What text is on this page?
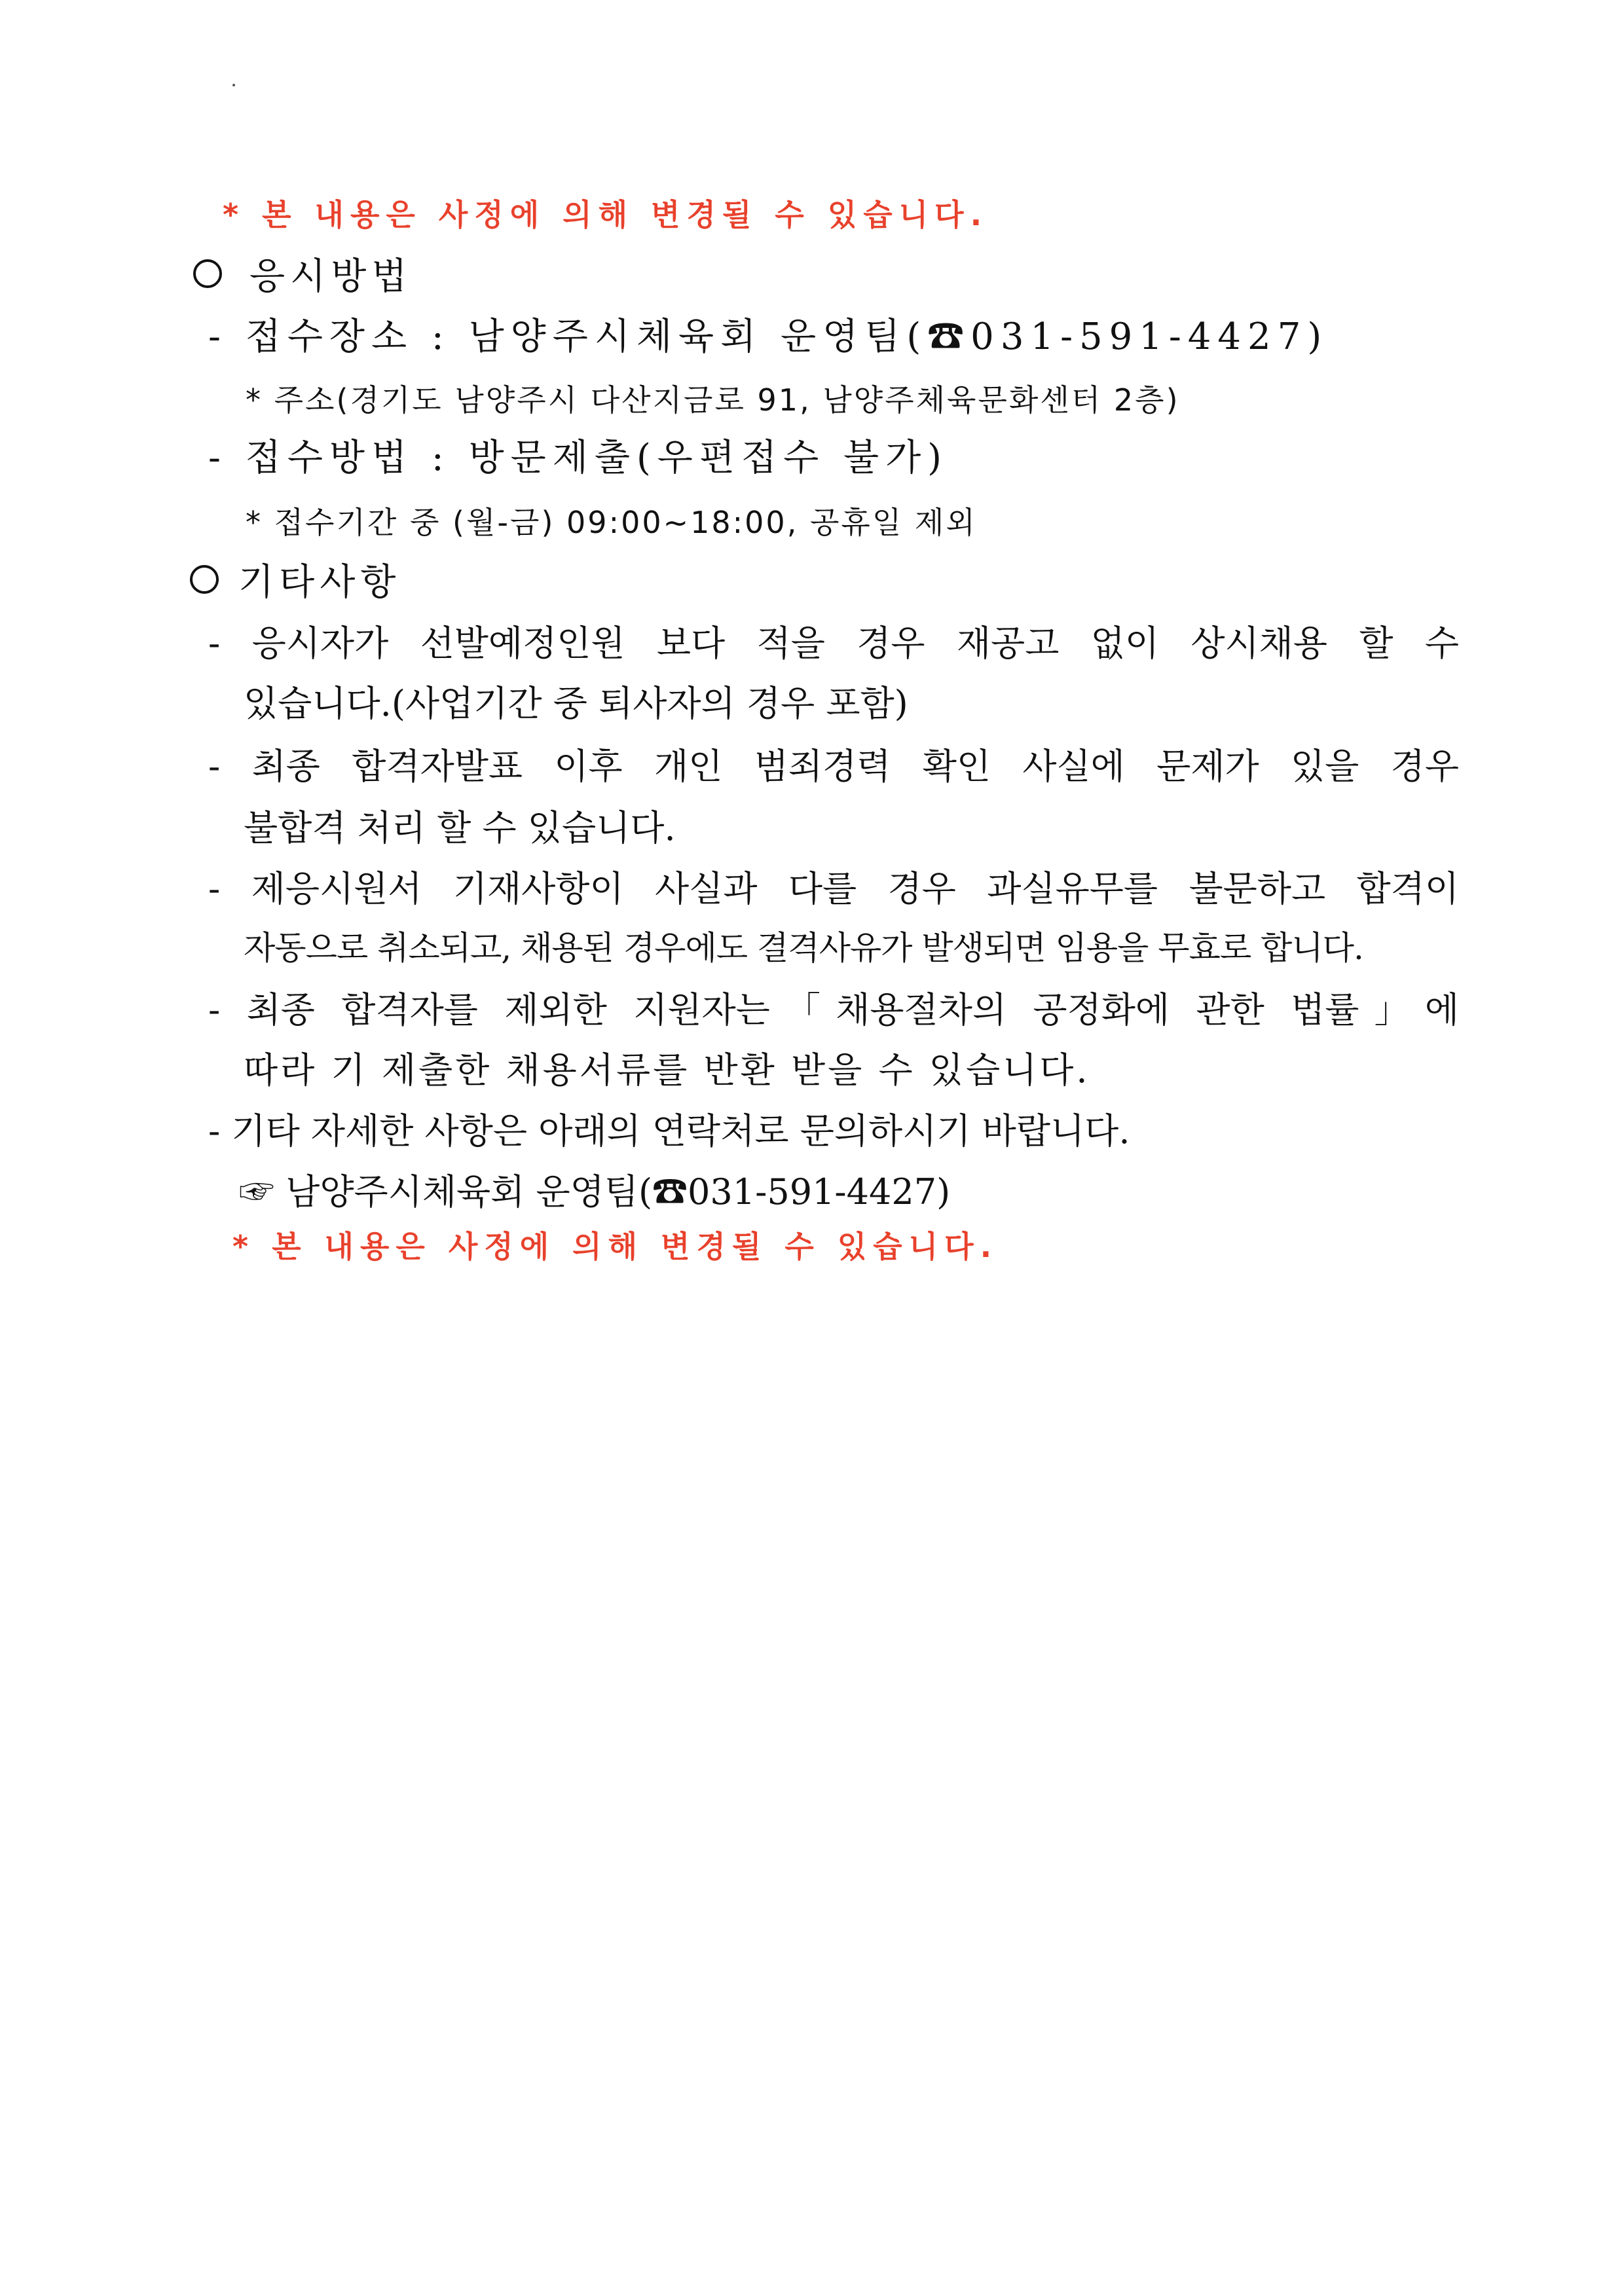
* 본 내용은 사정에 의해 변경될 수 있습니다.
응시방법
- 접수장소 : 남양주시체육회 운영팀(☎031-591-4427)
* 주소(경기도 남양주시 다산지금로 91, 남양주체육문화센터 2층)
- 접수방법 : 방문제출(우편접수 불가)
* 접수기간 중 (월-금) 09:00~18:00, 공휴일 제외
기타사항
- 응시자가 선발예정인원 보다 적을 경우 재공고 없이 상시채용 할 수
있습니다.(사업기간 중 퇴사자의 경우 포함)
- 최종 합격자발표 이후 개인 범죄경력 확인 사실에 문제가 있을 경우
불합격 처리 할 수 있습니다.
- 제응시원서 기재사항이 사실과 다를 경우 과실유무를 불문하고 합격이
자동으로 취소되고, 채용된 경우에도 결격사유가 발생되면 임용을 무효로 합니다.
- 최종 합격자를 제외한 지원자는「채용절차의 공정화에 관한 법률」에
따라 기 제출한 채용서류를 반환 받을 수 있습니다.
- 기타 자세한 사항은 아래의 연락처로 문의하시기 바랍니다.
☞ 남양주시체육회 운영팀(☎031-591-4427)
* 본 내용은 사정에 의해 변경될 수 있습니다.
